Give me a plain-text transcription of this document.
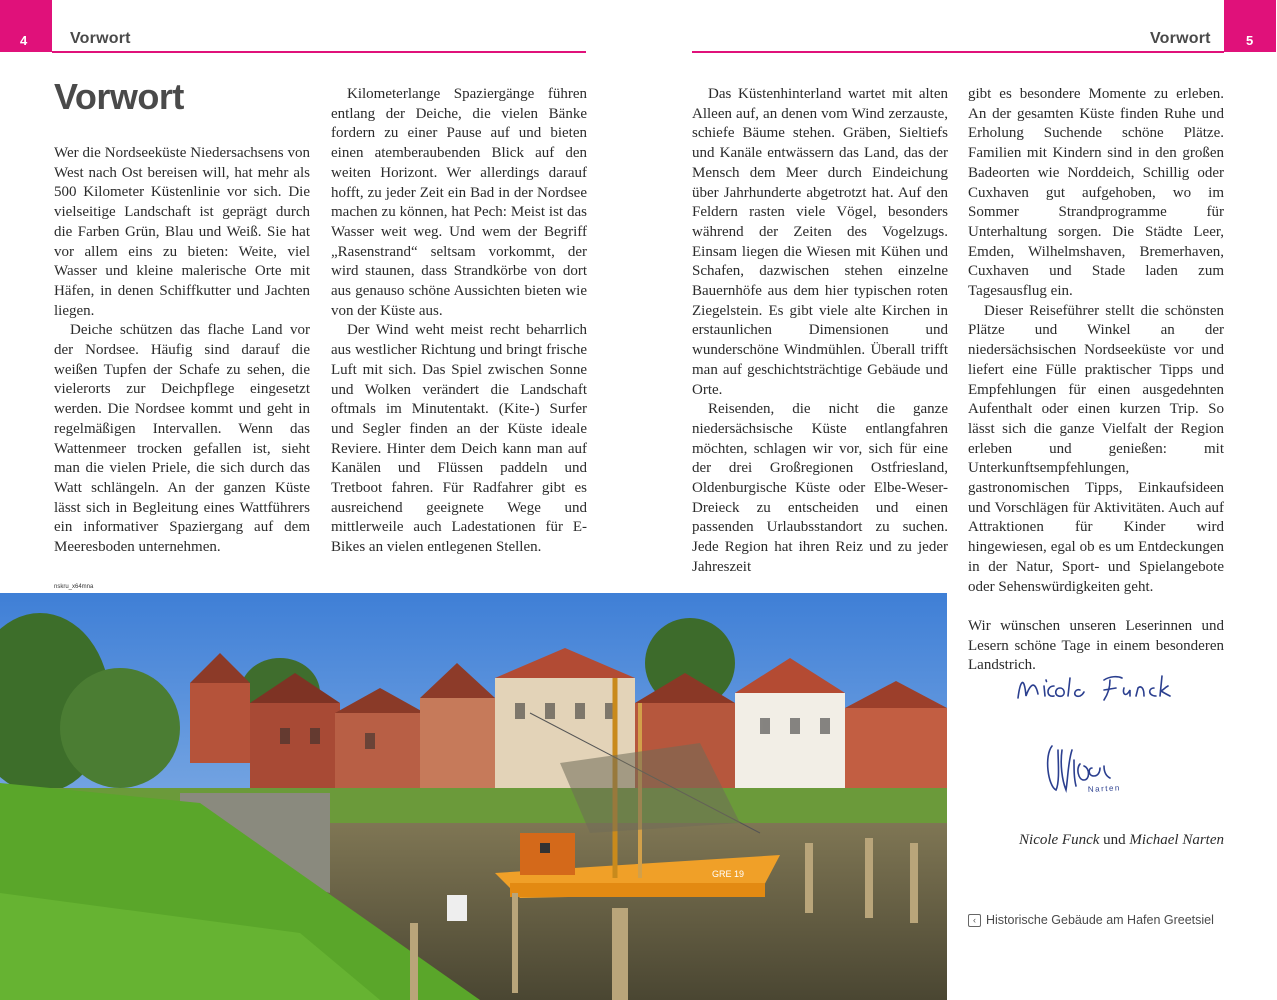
4	5
Vorwort	Vorwort
Vorwort

Wer die Nordseeküste Niedersachsens von West nach Ost bereisen will, hat mehr als 500 Kilometer Küstenlinie vor sich. Die vielseitige Landschaft ist geprägt durch die Farben Grün, Blau und Weiß. Sie hat vor allem eins zu bieten: Weite, viel Wasser und kleine malerische Orte mit Häfen, in denen Schiffkutter und Jachten liegen.

Deiche schützen das flache Land vor der Nordsee. Häufig sind darauf die weißen Tupfen der Schafe zu sehen, die vielerorts zur Deichpflege eingesetzt werden. Die Nordsee kommt und geht in regelmäßigen Intervallen. Wenn das Wattenmeer trocken gefallen ist, sieht man die vielen Priele, die sich durch das Watt schlängeln. An der ganzen Küste lässt sich in Begleitung eines Wattführers ein informativer Spaziergang auf dem Meeresboden unternehmen.

Kilometerlange Spaziergänge führen entlang der Deiche, die vielen Bänke fordern zu einer Pause auf und bieten einen atemberaubenden Blick auf den weiten Horizont. Wer allerdings darauf hofft, zu jeder Zeit ein Bad in der Nordsee machen zu können, hat Pech: Meist ist das Wasser weit weg. Und wem der Begriff „Rasenstrand“ seltsam vorkommt, der wird staunen, dass Strandkörbe von dort aus genauso schöne Aussichten bieten wie von der Küste aus.

Der Wind weht meist recht beharrlich aus westlicher Richtung und bringt frische Luft mit sich. Das Spiel zwischen Sonne und Wolken verändert die Landschaft oftmals im Minutentakt. (Kite-) Surfer und Segler finden an der Küste ideale Reviere. Hinter dem Deich kann man auf Kanälen und Flüssen paddeln und Tretboot fahren. Für Radfahrer gibt es ausreichend geeignete Wege und mittlerweile auch Ladestationen für E-Bikes an vielen entlegenen Stellen.

Das Küstenhinterland wartet mit alten Alleen auf, an denen vom Wind zerzauste, schiefe Bäume stehen. Gräben, Sieltiefs und Kanäle entwässern das Land, das der Mensch dem Meer durch Eindeichung über Jahrhunderte abgetrotzt hat. Auf den Feldern rasten viele Vögel, besonders während der Zeiten des Vogelzugs. Einsam liegen die Wiesen mit Kühen und Schafen, dazwischen stehen einzelne Bauernhöfe aus dem hier typischen roten Ziegelstein. Es gibt viele alte Kirchen in erstaunlichen Dimensionen und wunderschöne Windmühlen. Überall trifft man auf geschichtsträchtige Gebäude und Orte.

Reisenden, die nicht die ganze niedersächsische Küste entlangfahren möchten, schlagen wir vor, sich für eine der drei Großregionen Ostfriesland, Oldenburgische Küste oder Elbe-Weser-Dreieck zu entscheiden und einen passenden Urlaubsstandort zu suchen. Jede Region hat ihren Reiz und zu jeder Jahreszeit

gibt es besondere Momente zu erleben. An der gesamten Küste finden Ruhe und Erholung Suchende schöne Plätze. Familien mit Kindern sind in den großen Badeorten wie Norddeich, Schillig oder Cuxhaven gut aufgehoben, wo im Sommer Strandprogramme für Unterhaltung sorgen. Die Städte Leer, Emden, Wilhelmshaven, Bremerhaven, Cuxhaven und Stade laden zum Tagesausflug ein.

Dieser Reiseführer stellt die schönsten Plätze und Winkel an der niedersächsischen Nordseeküste vor und liefert eine Fülle praktischer Tipps und Empfehlungen für einen ausgedehnten Aufenthalt oder einen kurzen Trip. So lässt sich die ganze Vielfalt der Region erleben und genießen: mit Unterkunftsempfehlungen, gastronomischen Tipps, Einkaufsideen und Vorschlägen für Aktivitäten. Auch auf Attraktionen für Kinder wird hingewiesen, egal ob es um Entdeckungen in der Natur, Sport- und Spielangebote oder Sehenswürdigkeiten geht.

Wir wünschen unseren Leserinnen und Lesern schöne Tage in einem besonderen Landstrich.

nskru_x64mna
GRE 19
Narten
Nicole Funck und Michael Narten
‹ Historische Gebäude am Hafen Greetsiel
